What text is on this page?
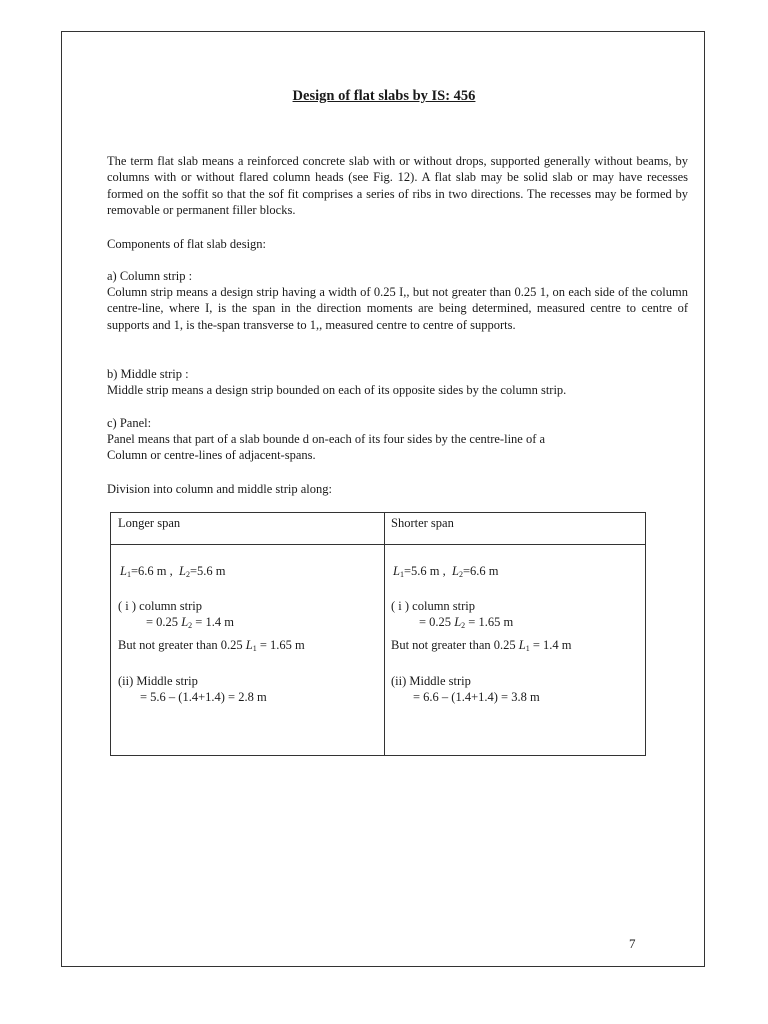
Design of flat slabs by IS: 456
The term flat slab means a reinforced concrete slab with or without drops, supported generally without beams, by columns with or without flared column heads (see Fig. 12). A flat slab may be solid slab or may have recesses formed on the soffit so that the sof fit comprises a series of ribs in two directions. The recesses may be formed by removable or permanent filler blocks.
Components of flat slab design:
a) Column strip :
Column strip means a design strip having a width of 0.25 I,, but not greater than 0.25 1, on each side of the column centre-line, where I, is the span in the direction moments are being determined, measured centre to centre of supports and 1, is the-span transverse to 1,, measured centre to centre of supports.
b) Middle strip :
Middle strip means a design strip bounded on each of its opposite sides by the column strip.
c) Panel:
Panel means that part of a slab bounde d on-each of its four sides by the centre-line of a
Column or centre-lines of adjacent-spans.
Division into column and middle strip along:
Longer span	Shorter span
$L_1=6.6$ m , $L_2=5.6$ m
( i ) column strip
= 0.25 $L_2 = 1.4$ m
But not greater than 0.25 $L_1 = 1.65$ m
(ii) Middle strip
= 5.6 – (1.4+1.4) = 2.8 m
$L_1=5.6$ m , $L_2=6.6$ m
( i ) column strip
= 0.25 $L_2 = 1.65$ m
But not greater than 0.25 $L_1 = 1.4$ m
(ii) Middle strip
= 6.6 – (1.4+1.4) = 3.8 m
7
